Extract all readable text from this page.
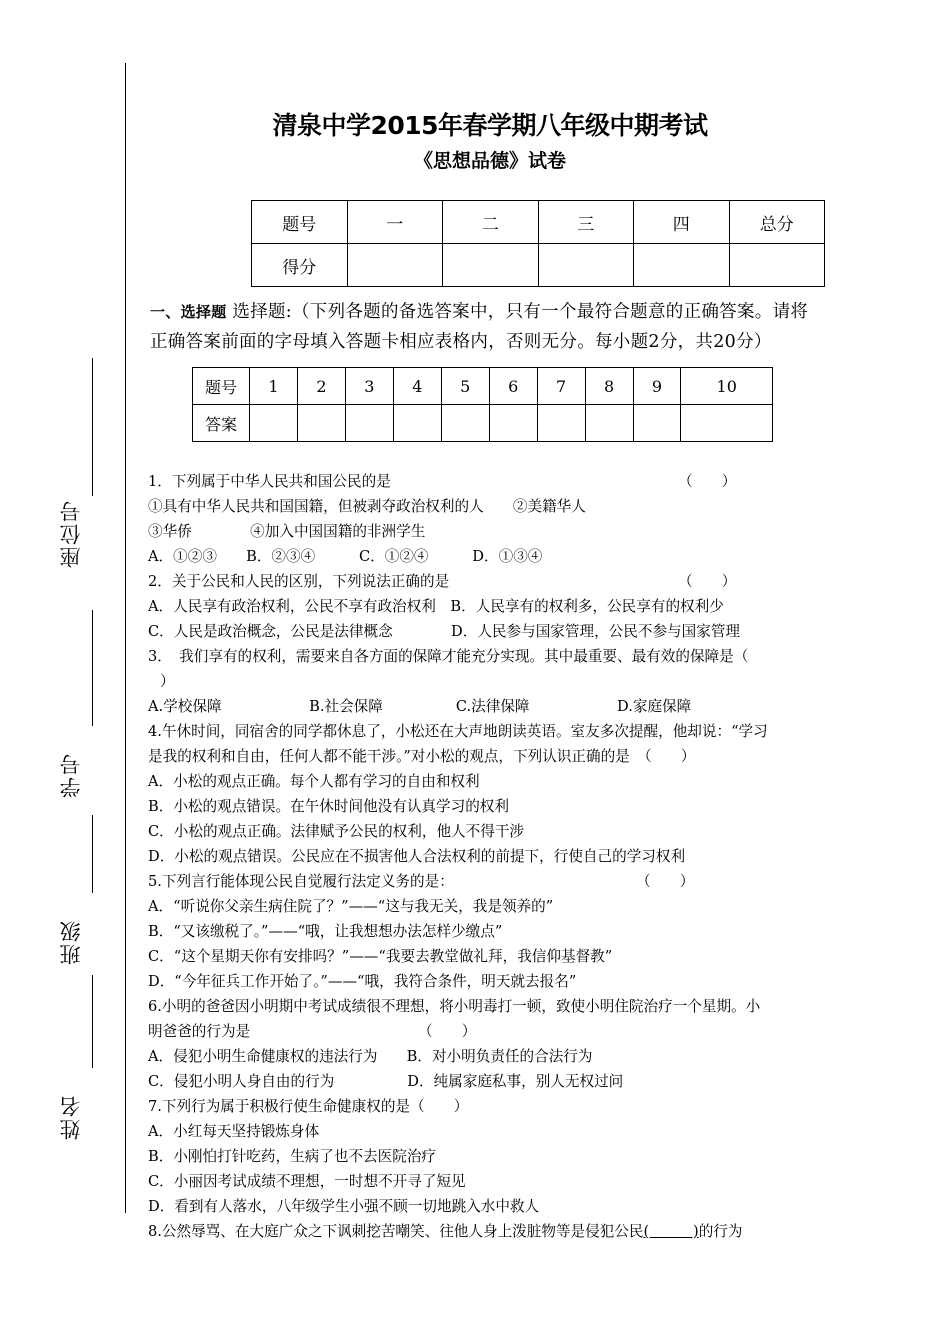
座位号
学号
班级
姓名
清泉中学2015年春学期八年级中期考试
《思想品德》试卷
题号	一	二	三	四	总分
得分					
一、选择题 选择题:（下列各题的备选答案中，只有一个最符合题意的正确答案。请将
正确答案前面的字母填入答题卡相应表格内，否则无分。每小题2分，共20分）
题号	1	2	3	4	5	6	7	8	9	10
答案										
1．下列属于中华人民共和国公民的是	（　　）
①具有中华人民共和国国籍，但被剥夺政治权利的人　　②美籍华人
③华侨　　　　④加入中国国籍的非洲学生
A．①②③　　B．②③④　　　C．①②④　　　D．①③④
2．关于公民和人民的区别，下列说法正确的是	（　　）
A．人民享有政治权利，公民不享有政治权利　B．人民享有的权利多，公民享有的权利少
C．人民是政治概念，公民是法律概念　　　　D．人民参与国家管理，公民不参与国家管理
3．　我们享有的权利，需要来自各方面的保障才能充分实现。其中最重要、最有效的保障是（
）
A.学校保障　　　　　　B.社会保障　　　　　C.法律保障　　　　　　D.家庭保障
4.午休时间，同宿舍的同学都休息了，小松还在大声地朗读英语。室友多次提醒，他却说：“学习
是我的权利和自由，任何人都不能干涉。”对小松的观点，下列认识正确的是　（　　）
A．小松的观点正确。每个人都有学习的自由和权利
B．小松的观点错误。在午休时间他没有认真学习的权利
C．小松的观点正确。法律赋予公民的权利，他人不得干涉
D．小松的观点错误。公民应在不损害他人合法权利的前提下，行使自己的学习权利
5.下列言行能体现公民自觉履行法定义务的是：	（　　）
A．“听说你父亲生病住院了？”——“这与我无关，我是领养的”
B．“又该缴税了。”——“哦，让我想想办法怎样少缴点”
C．“这个星期天你有安排吗？”——“我要去教堂做礼拜，我信仰基督教”
D．“今年征兵工作开始了。”——“哦，我符合条件，明天就去报名”
6.小明的爸爸因小明期中考试成绩很不理想，将小明毒打一顿，致使小明住院治疗一个星期。小
明爸爸的行为是　　　　　　　　　　　　（　　）
A．侵犯小明生命健康权的违法行为　　B．对小明负责任的合法行为
C．侵犯小明人身自由的行为　　　　　D．纯属家庭私事，别人无权过问
7.下列行为属于积极行使生命健康权的是（　　）
A．小红每天坚持锻炼身体
B．小刚怕打针吃药，生病了也不去医院治疗
C．小丽因考试成绩不理想，一时想不开寻了短见
D．看到有人落水，八年级学生小强不顾一切地跳入水中救人
8.公然辱骂、在大庭广众之下讽刺挖苦嘲笑、往他人身上泼脏物等是侵犯公民(　　　)的行为
